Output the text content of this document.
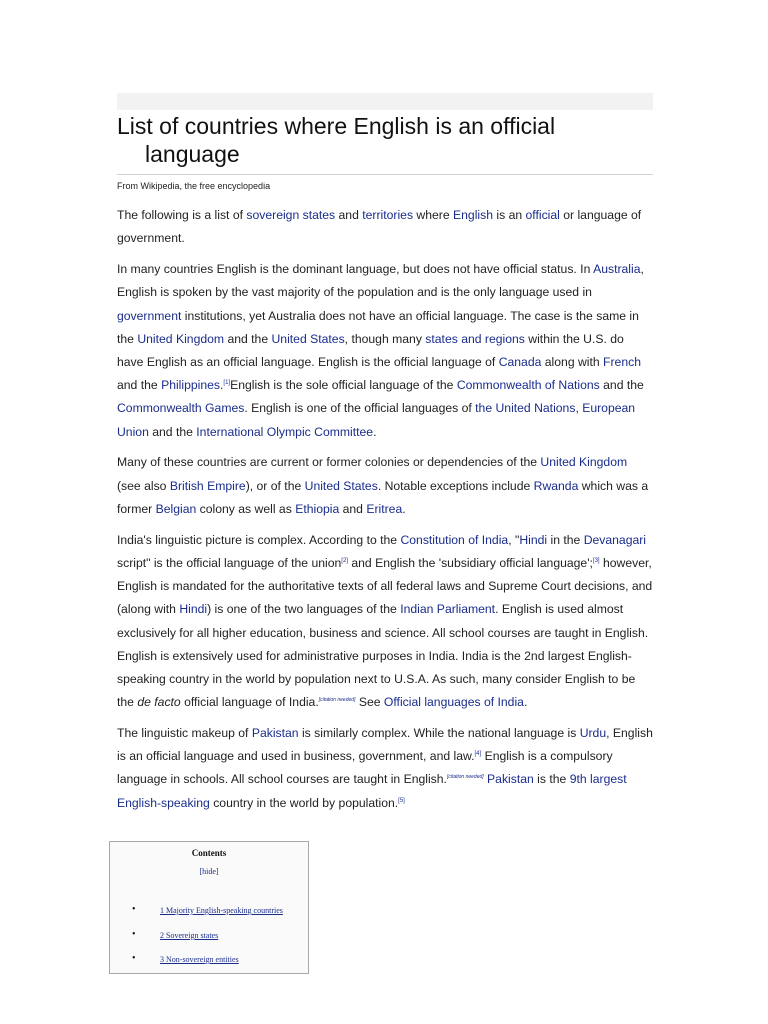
List of countries where English is an official
language
From Wikipedia, the free encyclopedia

The following is a list of sovereign states and territories where English is an official or language of government.

In many countries English is the dominant language, but does not have official status. In Australia, English is spoken by the vast majority of the population and is the only language used in government institutions, yet Australia does not have an official language. The case is the same in the United Kingdom and the United States, though many states and regions within the U.S. do have English as an official language. English is the official language of Canada along with French and the Philippines.[1]English is the sole official language of the Commonwealth of Nations and the Commonwealth Games. English is one of the official languages of the United Nations, European Union and the International Olympic Committee.

Many of these countries are current or former colonies or dependencies of the United Kingdom (see also British Empire), or of the United States. Notable exceptions include Rwanda which was a former Belgian colony as well as Ethiopia and Eritrea.

India's linguistic picture is complex. According to the Constitution of India, "Hindi in the Devanagari script" is the official language of the union[2] and English the 'subsidiary official language';[3] however, English is mandated for the authoritative texts of all federal laws and Supreme Court decisions, and (along with Hindi) is one of the two languages of the Indian Parliament. English is used almost exclusively for all higher education, business and science. All school courses are taught in English. English is extensively used for administrative purposes in India. India is the 2nd largest English-speaking country in the world by population next to U.S.A. As such, many consider English to be the de facto official language of India.[citation needed] See Official languages of India.

The linguistic makeup of Pakistan is similarly complex. While the national language is Urdu, English is an official language and used in business, government, and law.[4] English is a compulsory language in schools. All school courses are taught in English.[citation needed] Pakistan is the 9th largest English-speaking country in the world by population.[5]

Contents
[hide]
•	1 Majority English-speaking countries
•	2 Sovereign states
•	3 Non-sovereign entities
